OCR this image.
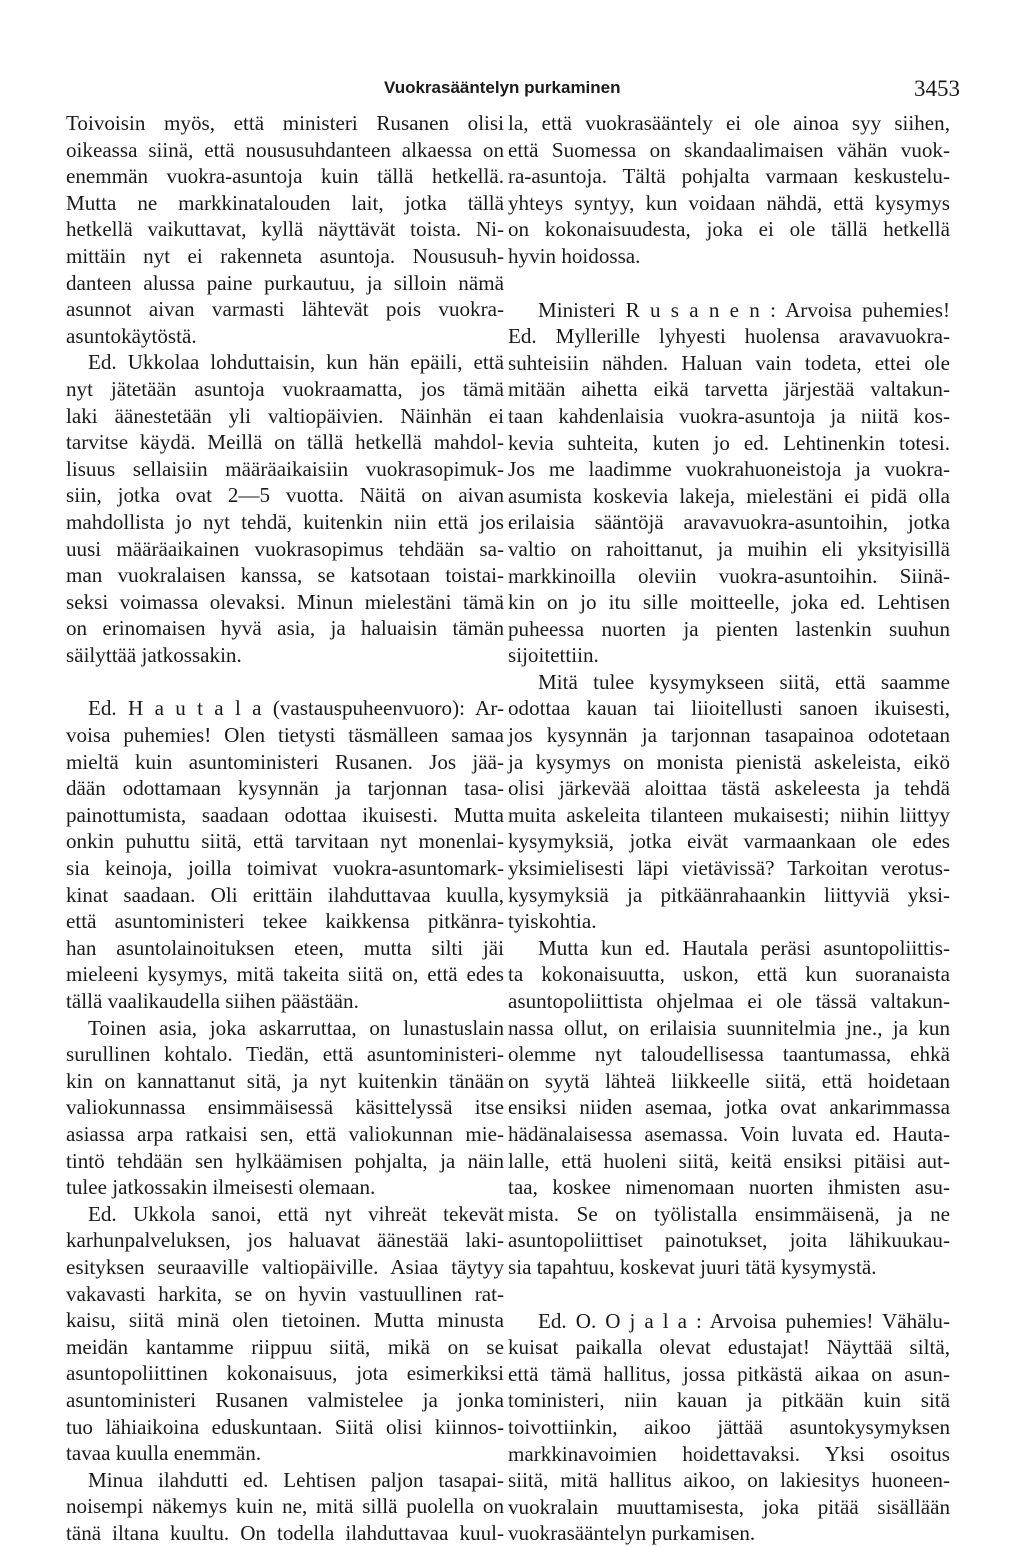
Vuokrasääntelyn purkaminen	3453
Toivoisin myös, että ministeri Rusanen olisi
oikeassa siinä, että noususuhdanteen alkaessa on
enemmän vuokra-asuntoja kuin tällä hetkellä.
Mutta ne markkinatalouden lait, jotka tällä
hetkellä vaikuttavat, kyllä näyttävät toista. Ni-
mittäin nyt ei rakenneta asuntoja. Noususuh-
danteen alussa paine purkautuu, ja silloin nämä
asunnot aivan varmasti lähtevät pois vuokra-
asuntokäytöstä.
Ed. Ukkolaa lohduttaisin, kun hän epäili, että
nyt jätetään asuntoja vuokraamatta, jos tämä
laki äänestetään yli valtiopäivien. Näinhän ei
tarvitse käydä. Meillä on tällä hetkellä mahdol-
lisuus sellaisiin määräaikaisiin vuokrasopimuk-
siin, jotka ovat 2—5 vuotta. Näitä on aivan
mahdollista jo nyt tehdä, kuitenkin niin että jos
uusi määräaikainen vuokrasopimus tehdään sa-
man vuokralaisen kanssa, se katsotaan toistai-
seksi voimassa olevaksi. Minun mielestäni tämä
on erinomaisen hyvä asia, ja haluaisin tämän
säilyttää jatkossakin.
Ed. H a u t a l a (vastauspuheenvuoro): Ar-
voisa puhemies! Olen tietysti täsmälleen samaa
mieltä kuin asuntoministeri Rusanen. Jos jää-
dään odottamaan kysynnän ja tarjonnan tasa-
painottumista, saadaan odottaa ikuisesti. Mutta
onkin puhuttu siitä, että tarvitaan nyt monenlai-
sia keinoja, joilla toimivat vuokra-asuntomark-
kinat saadaan. Oli erittäin ilahduttavaa kuulla,
että asuntoministeri tekee kaikkensa pitkänra-
han asuntolainoituksen eteen, mutta silti jäi
mieleeni kysymys, mitä takeita siitä on, että edes
tällä vaalikaudella siihen päästään.
Toinen asia, joka askarruttaa, on lunastuslain
surullinen kohtalo. Tiedän, että asuntoministeri-
kin on kannattanut sitä, ja nyt kuitenkin tänään
valiokunnassa ensimmäisessä käsittelyssä itse
asiassa arpa ratkaisi sen, että valiokunnan mie-
tintö tehdään sen hylkäämisen pohjalta, ja näin
tulee jatkossakin ilmeisesti olemaan.
Ed. Ukkola sanoi, että nyt vihreät tekevät
karhunpalveluksen, jos haluavat äänestää laki-
esityksen seuraaville valtiopäiville. Asiaa täytyy
vakavasti harkita, se on hyvin vastuullinen rat-
kaisu, siitä minä olen tietoinen. Mutta minusta
meidän kantamme riippuu siitä, mikä on se
asuntopoliittinen kokonaisuus, jota esimerkiksi
asuntoministeri Rusanen valmistelee ja jonka
tuo lähiaikoina eduskuntaan. Siitä olisi kiinnos-
tavaa kuulla enemmän.
Minua ilahdutti ed. Lehtisen paljon tasapai-
noisempi näkemys kuin ne, mitä sillä puolella on
tänä iltana kuultu. On todella ilahduttavaa kuul-
la, että vuokrasääntely ei ole ainoa syy siihen,
että Suomessa on skandaalimaisen vähän vuok-
ra-asuntoja. Tältä pohjalta varmaan keskustelu-
yhteys syntyy, kun voidaan nähdä, että kysymys
on kokonaisuudesta, joka ei ole tällä hetkellä
hyvin hoidossa.
Ministeri R u s a n e n : Arvoisa puhemies!
Ed. Myllerille lyhyesti huolensa aravavuokra-
suhteisiin nähden. Haluan vain todeta, ettei ole
mitään aihetta eikä tarvetta järjestää valtakun-
taan kahdenlaisia vuokra-asuntoja ja niitä kos-
kevia suhteita, kuten jo ed. Lehtinenkin totesi.
Jos me laadimme vuokrahuoneistoja ja vuokra-
asumista koskevia lakeja, mielestäni ei pidä olla
erilaisia sääntöjä aravavuokra-asuntoihin, jotka
valtio on rahoittanut, ja muihin eli yksityisillä
markkinoilla oleviin vuokra-asuntoihin. Siinä-
kin on jo itu sille moitteelle, joka ed. Lehtisen
puheessa nuorten ja pienten lastenkin suuhun
sijoitettiin.
Mitä tulee kysymykseen siitä, että saamme
odottaa kauan tai liioitellusti sanoen ikuisesti,
jos kysynnän ja tarjonnan tasapainoa odotetaan
ja kysymys on monista pienistä askeleista, eikö
olisi järkevää aloittaa tästä askeleesta ja tehdä
muita askeleita tilanteen mukaisesti; niihin liittyy
kysymyksiä, jotka eivät varmaankaan ole edes
yksimielisesti läpi vietävissä? Tarkoitan verotus-
kysymyksiä ja pitkäänrahaankin liittyviä yksi-
tyiskohtia.
Mutta kun ed. Hautala peräsi asuntopoliittis-
ta kokonaisuutta, uskon, että kun suoranaista
asuntopoliittista ohjelmaa ei ole tässä valtakun-
nassa ollut, on erilaisia suunnitelmia jne., ja kun
olemme nyt taloudellisessa taantumassa, ehkä
on syytä lähteä liikkeelle siitä, että hoidetaan
ensiksi niiden asemaa, jotka ovat ankarimmassa
hädänalaisessa asemassa. Voin luvata ed. Hauta-
lalle, että huoleni siitä, keitä ensiksi pitäisi aut-
taa, koskee nimenomaan nuorten ihmisten asu-
mista. Se on työlistalla ensimmäisenä, ja ne
asuntopoliittiset painotukset, joita lähikuukau-
sia tapahtuu, koskevat juuri tätä kysymystä.
Ed. O. O j a l a : Arvoisa puhemies! Vähälu-
kuisat paikalla olevat edustajat! Näyttää siltä,
että tämä hallitus, jossa pitkästä aikaa on asun-
toministeri, niin kauan ja pitkään kuin sitä
toivottiinkin, aikoo jättää asuntokysymyksen
markkinavoimien hoidettavaksi. Yksi osoitus
siitä, mitä hallitus aikoo, on lakiesitys huoneen-
vuokralain muuttamisesta, joka pitää sisällään
vuokrasääntelyn purkamisen.
